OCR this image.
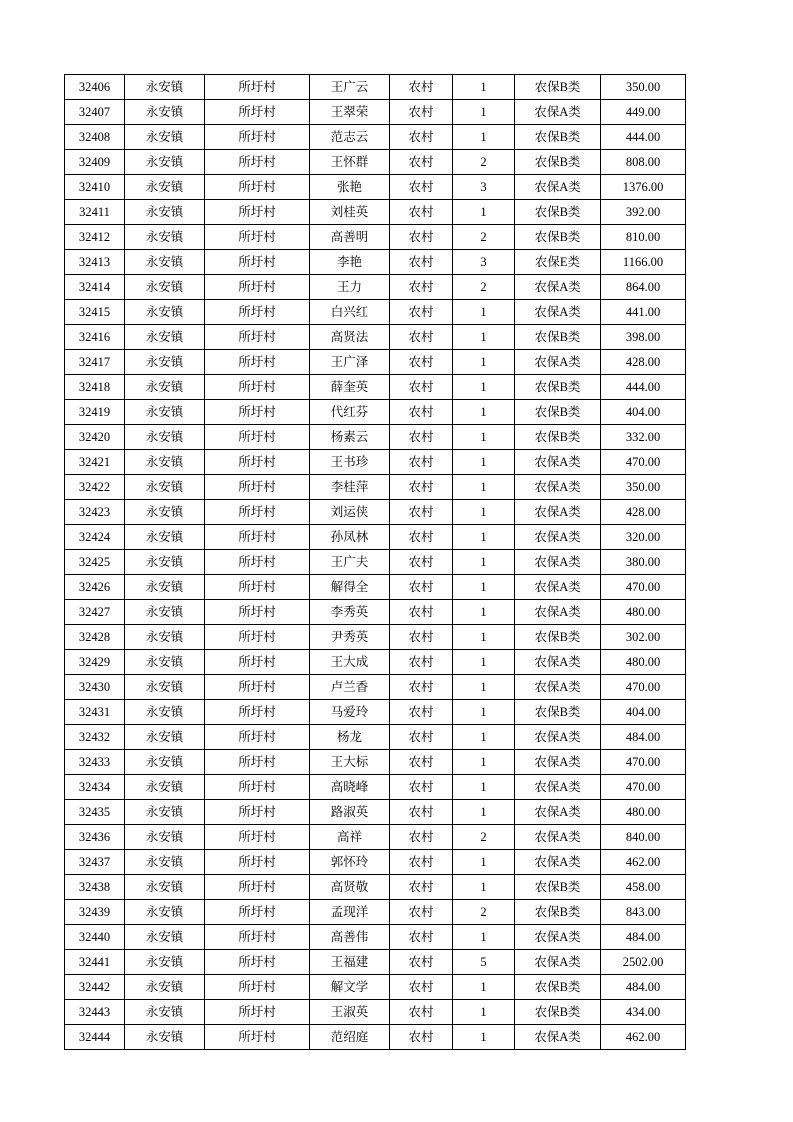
32406	永安镇	所圩村	王广云	农村	1	农保B类	350.00
32407	永安镇	所圩村	王翠荣	农村	1	农保A类	449.00
32408	永安镇	所圩村	范志云	农村	1	农保B类	444.00
32409	永安镇	所圩村	王怀群	农村	2	农保B类	808.00
32410	永安镇	所圩村	张艳	农村	3	农保A类	1376.00
32411	永安镇	所圩村	刘桂英	农村	1	农保B类	392.00
32412	永安镇	所圩村	高善明	农村	2	农保B类	810.00
32413	永安镇	所圩村	李艳	农村	3	农保E类	1166.00
32414	永安镇	所圩村	王力	农村	2	农保A类	864.00
32415	永安镇	所圩村	白兴红	农村	1	农保A类	441.00
32416	永安镇	所圩村	高贤法	农村	1	农保B类	398.00
32417	永安镇	所圩村	王广泽	农村	1	农保A类	428.00
32418	永安镇	所圩村	薛奎英	农村	1	农保B类	444.00
32419	永安镇	所圩村	代红芬	农村	1	农保B类	404.00
32420	永安镇	所圩村	杨素云	农村	1	农保B类	332.00
32421	永安镇	所圩村	王书珍	农村	1	农保A类	470.00
32422	永安镇	所圩村	李桂萍	农村	1	农保A类	350.00
32423	永安镇	所圩村	刘运侠	农村	1	农保A类	428.00
32424	永安镇	所圩村	孙凤林	农村	1	农保A类	320.00
32425	永安镇	所圩村	王广夫	农村	1	农保A类	380.00
32426	永安镇	所圩村	解得全	农村	1	农保A类	470.00
32427	永安镇	所圩村	李秀英	农村	1	农保A类	480.00
32428	永安镇	所圩村	尹秀英	农村	1	农保B类	302.00
32429	永安镇	所圩村	王大成	农村	1	农保A类	480.00
32430	永安镇	所圩村	卢兰香	农村	1	农保A类	470.00
32431	永安镇	所圩村	马爱玲	农村	1	农保B类	404.00
32432	永安镇	所圩村	杨龙	农村	1	农保A类	484.00
32433	永安镇	所圩村	王大标	农村	1	农保A类	470.00
32434	永安镇	所圩村	高晓峰	农村	1	农保A类	470.00
32435	永安镇	所圩村	路淑英	农村	1	农保A类	480.00
32436	永安镇	所圩村	高祥	农村	2	农保A类	840.00
32437	永安镇	所圩村	郭怀玲	农村	1	农保A类	462.00
32438	永安镇	所圩村	高贤敬	农村	1	农保B类	458.00
32439	永安镇	所圩村	孟现洋	农村	2	农保B类	843.00
32440	永安镇	所圩村	高善伟	农村	1	农保A类	484.00
32441	永安镇	所圩村	王福建	农村	5	农保A类	2502.00
32442	永安镇	所圩村	解文学	农村	1	农保B类	484.00
32443	永安镇	所圩村	王淑英	农村	1	农保B类	434.00
32444	永安镇	所圩村	范绍庭	农村	1	农保A类	462.00
